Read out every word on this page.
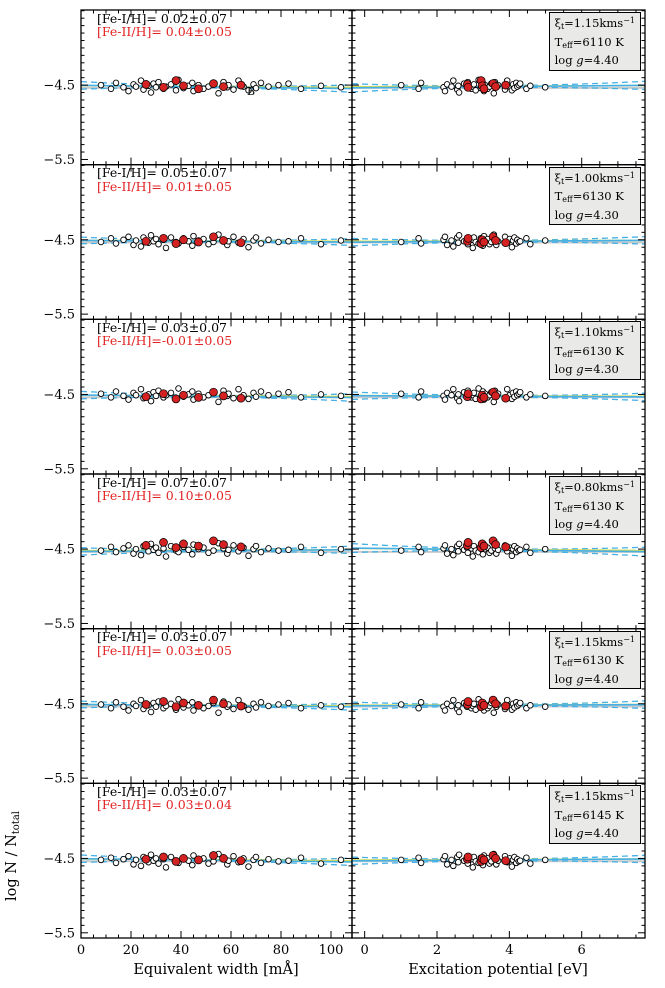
log N / $N_{total}$
−4.5
−5.5
−4.5
−5.5
−4.5
−5.5
−4.5
−5.5
−4.5
−5.5
−4.5
−5.5
0	20	40	60	80 100 0	2	4	6
B
[Fe-I/H]= 0.02±0.07
[Fe-II/H]= 0.04±0.05
ξt=1.15kms$^{-1}$
Teff=6110 K
log g=4.40
[Fe-I/H]= 0.05±0.07
[Fe-II/H]= 0.01±0.05
ξt=1.00kms$^{-1}$
Teff=6130 K
log g=4.30
[Fe-I/H]= 0.03±0.07
[Fe-II/H]=-0.01±0.05
ξt=1.10kms$^{-1}$
Teff=6130 K
log g=4.30
[Fe-I/H]= 0.07±0.07
[Fe-II/H]= 0.10±0.05
ξt=0.80kms$^{-1}$
Teff=6130 K
log g=4.40
[Fe-I/H]= 0.03±0.07
[Fe-II/H]= 0.03±0.05
ξt=1.15kms$^{-1}$
Teff=6130 K
log g=4.40
[Fe-I/H]= 0.03±0.07
[Fe-II/H]= 0.03±0.04
ξt=1.15kms$^{-1}$
Teff=6145 K
log g=4.40
Equivalent width [mÅ]	Excitation potential [eV]
